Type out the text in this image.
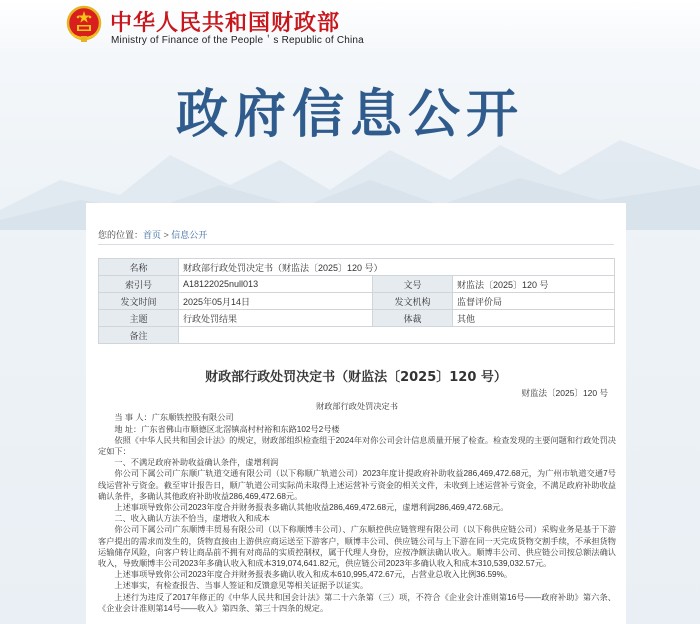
中华人民共和国财政部
Ministry of Finance of the People＇s Republic of China
政府信息公开
您的位置：首页 > 信息公开
名称	财政部行政处罚决定书（财监法〔2025〕120 号）		
索引号	A18122025null013	文号	财监法〔2025〕120 号
发文时间	2025年05月14日	发文机构	监督评价局
主题	行政处罚结果	体裁	其他
备注			
财政部行政处罚决定书（财监法〔2025〕120 号）
财监法〔2025〕120 号
财政部行政处罚决定书

当 事 人：广东顺铁控股有限公司

地 址：广东省佛山市顺德区北滘镇高村村裕和东路102号2号楼

依照《中华人民共和国会计法》的规定，财政部组织检查组于2024年对你公司会计信息质量开展了检查。检查发现的主要问题和行政处罚决定如下：

一、不满足政府补助收益确认条件，虚增利润

你公司下属公司广东顺广轨道交通有限公司（以下称顺广轨道公司）2023年度计提政府补助收益286,469,472.68元，为广州市轨道交通7号线运营补亏资金。截至审计报告日，顺广轨道公司实际尚未取得上述运营补亏资金的相关文件，未收到上述运营补亏资金，不满足政府补助收益确认条件，多确认其他政府补助收益286,469,472.68元。

上述事项导致你公司2023年度合并财务报表多确认其他收益286,469,472.68元，虚增利润286,469,472.68元。

二、收入确认方法不恰当，虚增收入和成本

你公司下属公司广东顺博丰贸易有限公司（以下称顺博丰公司）、广东顺控供应链管理有限公司（以下称供应链公司）采购业务是基于下游客户提出的需求而发生的，货物直接由上游供应商运送至下游客户，顺博丰公司、供应链公司与上下游在同一天完成货物交割手续，不承担货物运输储存风险，向客户转让商品前不拥有对商品的实质控制权，属于代理人身份，应按净额法确认收入。顺博丰公司、供应链公司按总额法确认收入，导致顺博丰公司2023年多确认收入和成本319,074,641.82元，供应链公司2023年多确认收入和成本310,539,032.57元。

上述事项导致你公司2023年度合并财务报表多确认收入和成本610,995,472.67元，占营业总收入比例36.59%。

上述事实，有检查报告、当事人签证和反馈意见等相关证据予以证实。

上述行为违反了2017年修正的《中华人民共和国会计法》第二十六条第（三）项，不符合《企业会计准则第16号——政府补助》第六条、《企业会计准则第14号——收入》第四条、第三十四条的规定。
